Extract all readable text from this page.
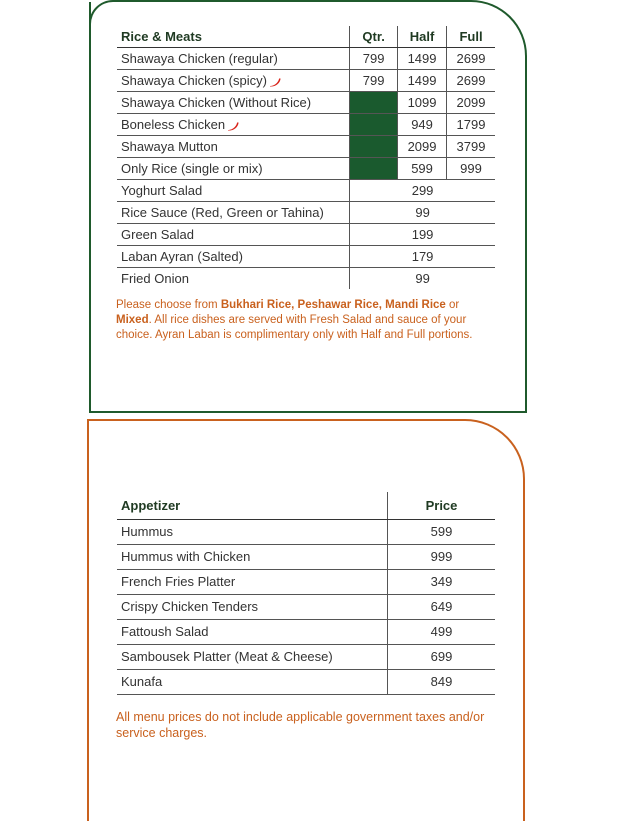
Rice & Meats	Qtr.	Half	Full
Shawaya Chicken (regular)	799	1499	2699
Shawaya Chicken (spicy)	799	1499	2699
Shawaya Chicken (Without Rice)		1099	2099
Boneless Chicken		949	1799
Shawaya Mutton		2099	3799
Only Rice (single or mix)		599	999
Yoghurt Salad	299		
Rice Sauce (Red, Green or Tahina)	99		
Green Salad	199		
Laban Ayran (Salted)	179		
Fried Onion	99		
Please choose from Bukhari Rice, Peshawar Rice, Mandi Rice or Mixed. All rice dishes are served with Fresh Salad and sauce of your choice. Ayran Laban is complimentary only with Half and Full portions.
Appetizer	Price
Hummus	599
Hummus with Chicken	999
French Fries Platter	349
Crispy Chicken Tenders	649
Fattoush Salad	499
Sambousek Platter (Meat & Cheese)	699
Kunafa	849
All menu prices do not include applicable government taxes and/or service charges.
